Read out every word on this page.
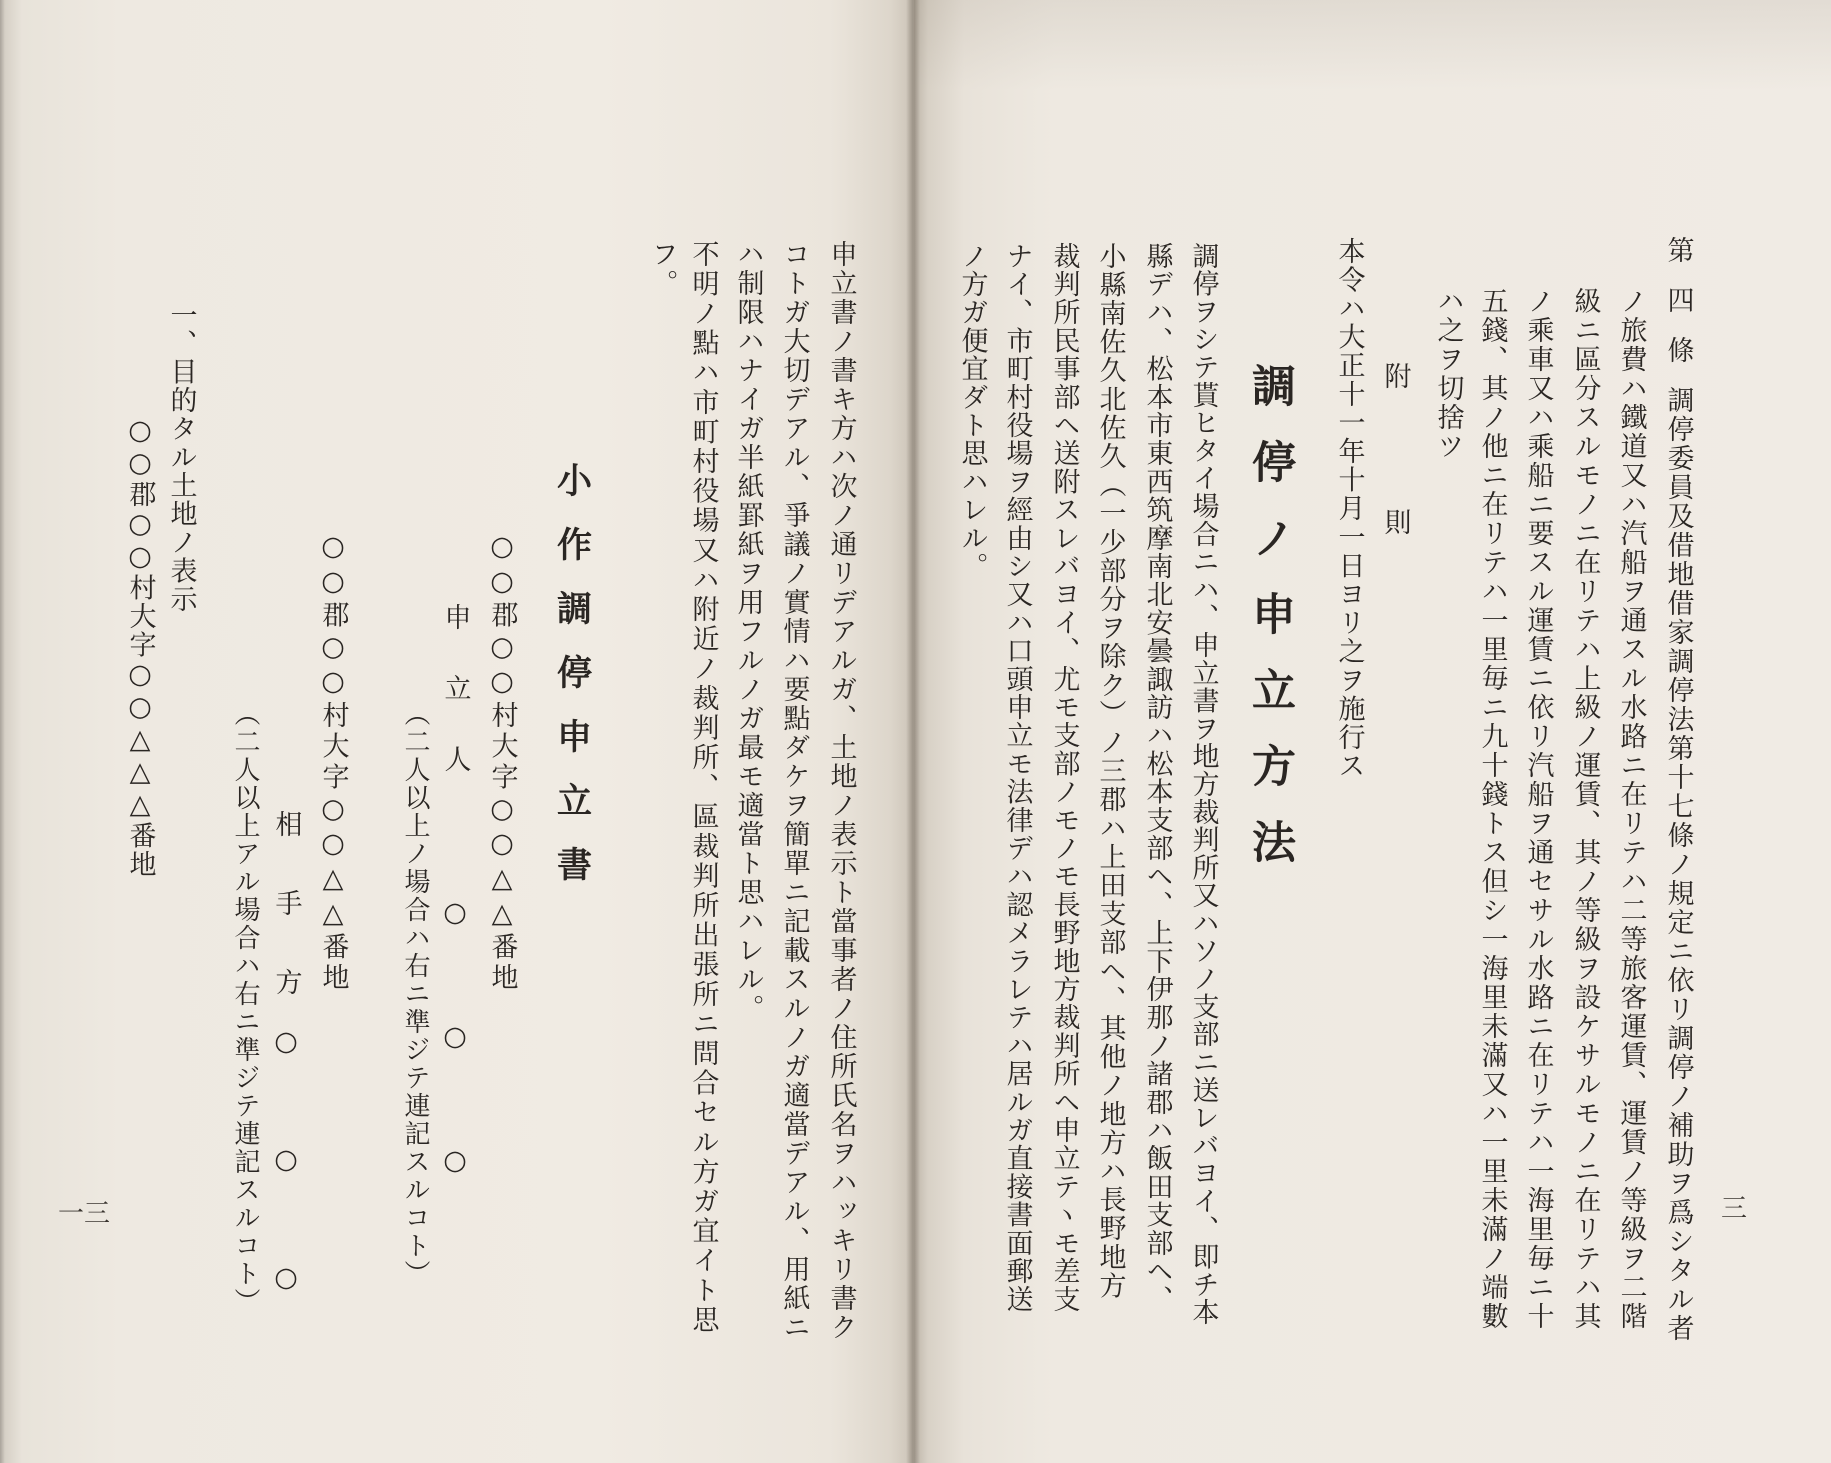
第四條調停委員及借地借家調停法第十七條ノ規定ニ依リ調停ノ補助ヲ爲シタル者
ノ旅費ハ鐵道又ハ汽船ヲ通スル水路ニ在リテハ二等旅客運賃、運賃ノ等級ヲ二階
級ニ區分スルモノニ在リテハ上級ノ運賃、其ノ等級ヲ設ケサルモノニ在リテハ其
ノ乘車又ハ乘船ニ要スル運賃ニ依リ汽船ヲ通セサル水路ニ在リテハ一海里毎ニ十
五錢、其ノ他ニ在リテハ一里毎ニ九十錢トス但シ一海里未滿又ハ一里未滿ノ端數
ハ之ヲ切捨ツ
附則
本令ハ大正十一年十月一日ヨリ之ヲ施行ス
調停ノ申立方法
調停ヲシテ貰ヒタイ場合ニハ、申立書ヲ地方裁判所又ハソノ支部ニ送レバヨイ、即チ本
縣デハ、松本市東西筑摩南北安曇諏訪ハ松本支部ヘ、上下伊那ノ諸郡ハ飯田支部ヘ、
小縣南佐久北佐久（一少部分ヲ除ク）ノ三郡ハ上田支部ヘ、其他ノ地方ハ長野地方
裁判所民事部ヘ送附スレバヨイ、尤モ支部ノモノモ長野地方裁判所ヘ申立テヽモ差支
ナイ、市町村役場ヲ經由シ又ハ口頭申立モ法律デハ認メラレテハ居ルガ直接書面郵送
ノ方ガ便宜ダト思ハレル。
三
申立書ノ書キ方ハ次ノ通リデアルガ、土地ノ表示ト當事者ノ住所氏名ヲハッキリ書ク
コトガ大切デアル、爭議ノ實情ハ要點ダケヲ簡單ニ記載スルノガ適當デアル、用紙ニ
ハ制限ハナイガ半紙罫紙ヲ用フルノガ最モ適當ト思ハレル。
不明ノ點ハ市町村役場又ハ附近ノ裁判所、區裁判所出張所ニ問合セル方ガ宜イト思
フ。
小作調停申立書
○○郡○○村大字○○△△番地
申立人
○○○
（二人以上ノ場合ハ右ニ準ジテ連記スルコト）
○○郡○○村大字○○△△番地
相手方
○○○
（二人以上アル場合ハ右ニ準ジテ連記スルコト）
一、目的タル土地ノ表示
○○郡○○村大字○○△△△番地
一三
